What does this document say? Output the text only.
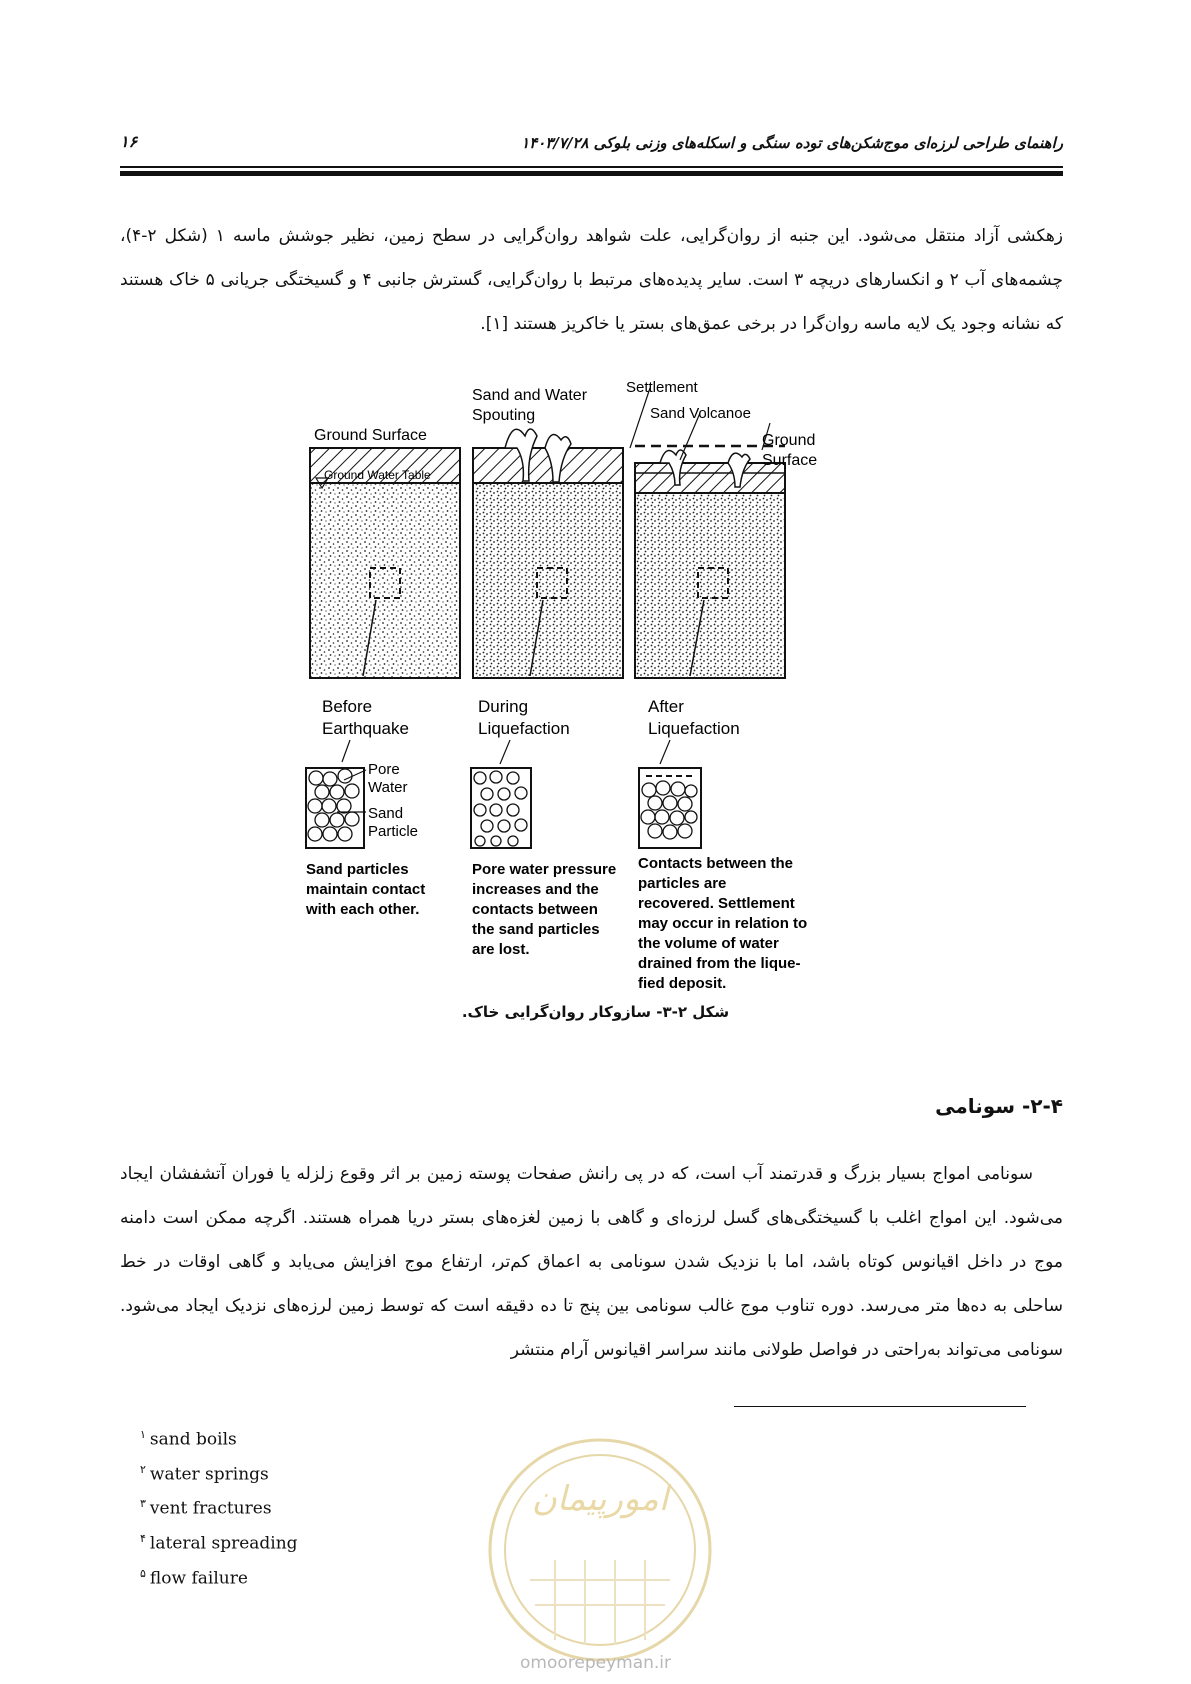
راهنمای طراحی لرزه‌ای موج‌شکن‌های توده سنگی و اسکله‌های وزنی بلوکی ۱۴۰۳/۷/۲۸
۱۶
زهکشی آزاد منتقل می‌شود. این جنبه از روان‌گرایی، علت شواهد روان‌گرایی در سطح زمین، نظیر جوشش ماسه ۱ (شکل ۲-۴)، چشمه‌های آب ۲ و انکسارهای دریچه ۳ است. سایر پدیده‌های مرتبط با روان‌گرایی، گسترش جانبی ۴ و گسیختگی جریانی ۵ خاک هستند که نشانه وجود یک لایه ماسه روان‌گرا در برخی عمق‌های بستر یا خاکریز هستند [۱].
Ground Surface
Ground Water Table
Sand and Water
Spouting
Settlement
Sand Volcanoe
Ground
Surface
Before
Earthquake
During
Liquefaction
After
Liquefaction
Pore
Water
Sand
Particle
Sand particles maintain contact with each other.
Pore water pressure increases and the contacts between the sand particles are lost.
Contacts between the particles are recovered. Settlement may occur in relation to the volume of water drained from the lique- fied deposit.
شکل ۲-۳- سازوکار روان‌گرایی خاک.
۲-۴- سونامی
سونامی امواج بسیار بزرگ و قدرتمند آب است، که در پی رانش صفحات پوسته زمین بر اثر وقوع زلزله یا فوران آتشفشان ایجاد می‌شود. این امواج اغلب با گسیختگی‌های گسل لرزه‌ای و گاهی با زمین لغزه‌های بستر دریا همراه هستند. اگرچه ممکن است دامنه موج در داخل اقیانوس کوتاه باشد، اما با نزدیک شدن سونامی به اعماق کم‌تر، ارتفاع موج افزایش می‌یابد و گاهی اوقات در خط ساحلی به ده‌ها متر می‌رسد. دوره تناوب موج غالب سونامی بین پنج تا ده دقیقه است که توسط زمین لرزه‌های نزدیک ایجاد می‌شود. سونامی می‌تواند به‌راحتی در فواصل طولانی مانند سراسر اقیانوس آرام منتشر
$^۱$ sand boils
$^۲$ water springs
$^۳$ vent fractures
$^۴$ lateral spreading
$^۵$ flow failure
امورپیمان
omoorepeyman.ir
